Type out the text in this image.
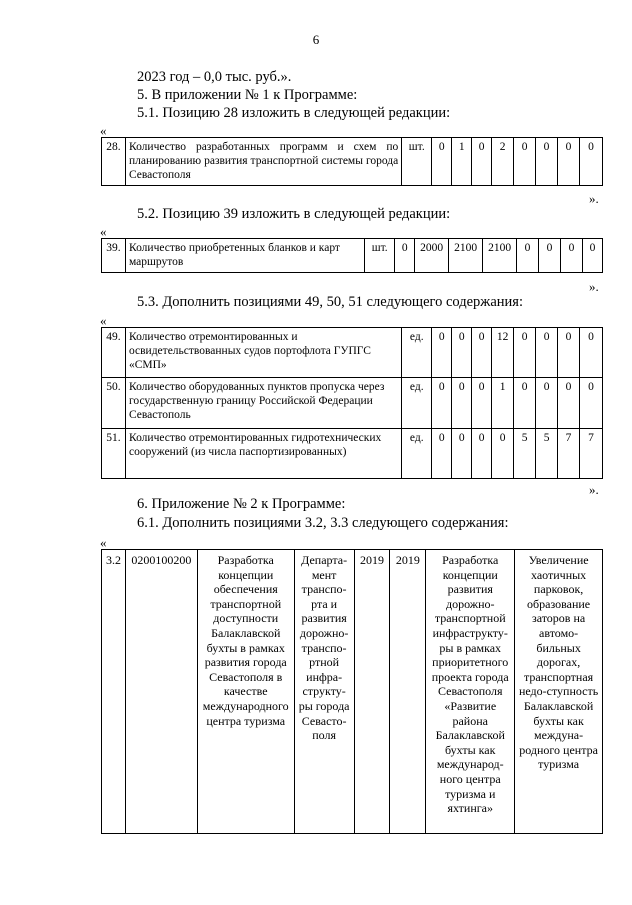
6
2023 год – 0,0 тыс. руб.».
5. В приложении № 1 к Программе:
5.1. Позицию 28 изложить в следующей редакции:
«
28.	Количество разработанных программ и схем по планированию развития транспортной системы города Севастополя	шт.	0	1	0	2	0	0	0	0
».
5.2. Позицию 39 изложить в следующей редакции:
«
39.	Количество приобретенных бланков и карт маршрутов	шт.	0	2000	2100	2100	0	0	0	0
».
5.3. Дополнить позициями 49, 50, 51 следующего содержания:
«
49.	Количество отремонтированных и освидетельствованных судов портофлота ГУПГС «СМП»	ед.	0	0	0	12	0	0	0	0
50.	Количество оборудованных пунктов пропуска через государственную границу Российской Федерации Севастополь	ед.	0	0	0	1	0	0	0	0
51.	Количество отремонтированных гидротехнических сооружений (из числа паспортизированных)	ед.	0	0	0	0	5	5	7	7
».
6. Приложение № 2 к Программе:
6.1. Дополнить позициями 3.2, 3.3 следующего содержания:
«
3.2	0200100200	Разработка концепции обеспечения транспортной доступности Балаклавской бухты в рамках развития города Севастополя в качестве международного центра туризма	Департа-мент транспо-рта и развития дорожно-транспо-ртной инфра-структу-ры города Севасто-поля	2019	2019	Разработка концепции развития дорожно-транспортной инфраструкту-ры в рамках приоритетного проекта города Севастополя «Развитие района Балаклавской бухты как международ-ного центра туризма и яхтинга»	Увеличение хаотичных парковок, образование заторов на автомо-бильных дорогах, транспортная недо-ступность Балаклавской бухты как междуна-родного центра туризма
